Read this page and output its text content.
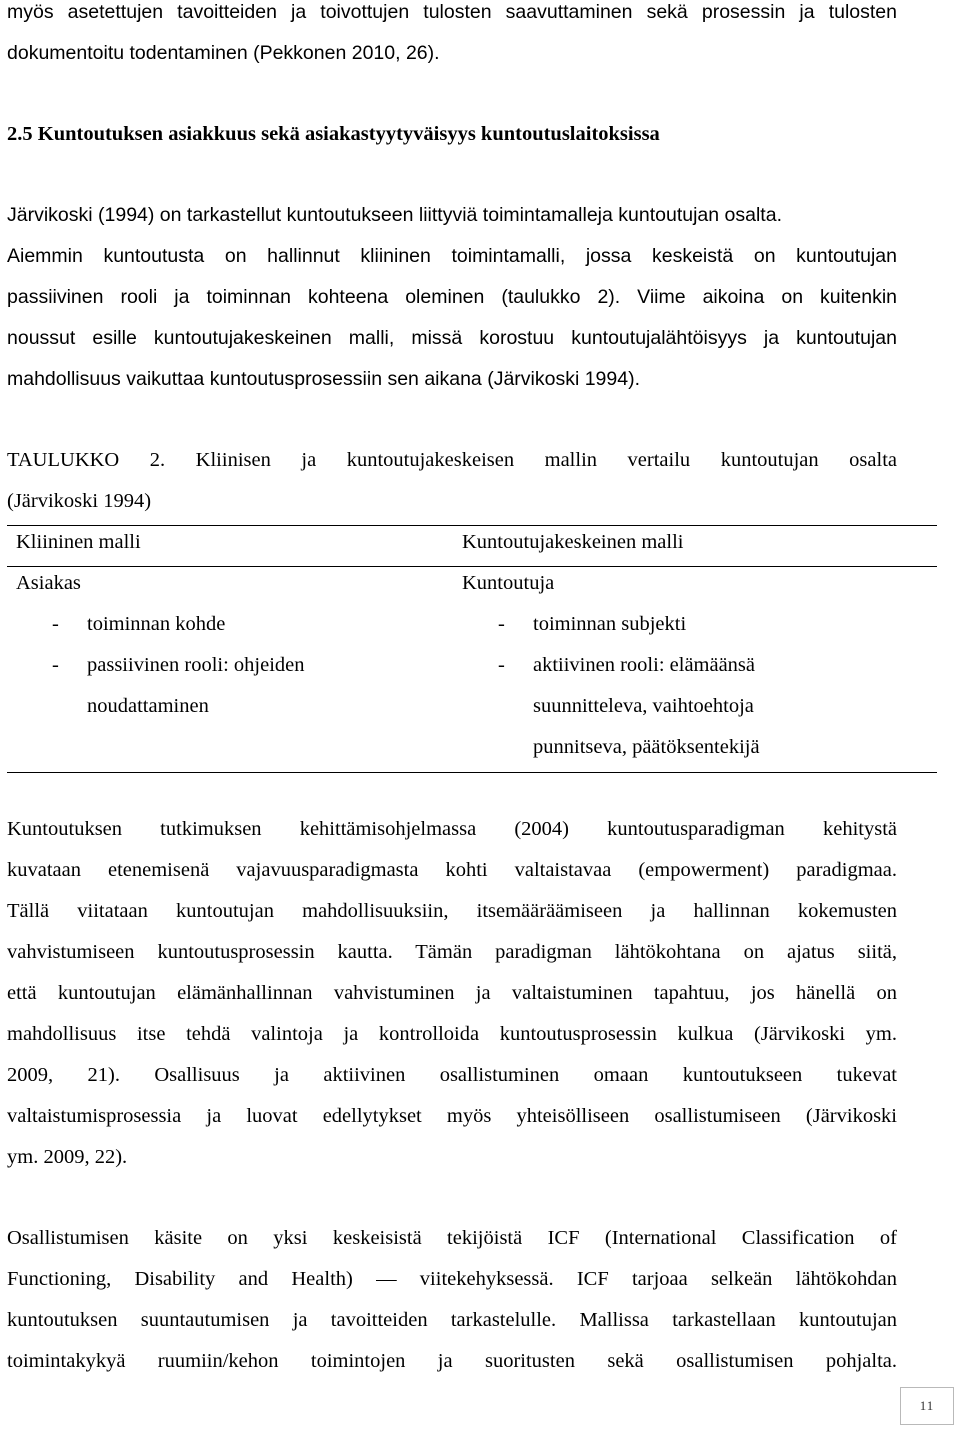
myös asetettujen tavoitteiden ja toivottujen tulosten saavuttaminen sekä prosessin ja tulosten
dokumentoitu todentaminen (Pekkonen 2010, 26).
2.5 Kuntoutuksen asiakkuus sekä asiakastyytyväisyys kuntoutuslaitoksissa
Järvikoski (1994) on tarkastellut kuntoutukseen liittyviä toimintamalleja kuntoutujan osalta.
Aiemmin kuntoutusta on hallinnut kliininen toimintamalli, jossa keskeistä on kuntoutujan
passiivinen rooli ja toiminnan kohteena oleminen (taulukko 2). Viime aikoina on kuitenkin
noussut esille kuntoutujakeskeinen malli, missä korostuu kuntoutujalähtöisyys ja kuntoutujan
mahdollisuus vaikuttaa kuntoutusprosessiin sen aikana (Järvikoski 1994).
TAULUKKO 2. Kliinisen ja kuntoutujakeskeisen mallin vertailu kuntoutujan osalta
(Järvikoski 1994)
Kliininen malli	Kuntoutujakeskeinen malli
Asiakas
- toiminnan kohde
- passiivinen rooli: ohjeiden
noudattaminen
Kuntoutuja
- toiminnan subjekti
- aktiivinen rooli: elämäänsä
suunnitteleva, vaihtoehtoja
punnitseva, päätöksentekijä
Kuntoutuksen tutkimuksen kehittämisohjelmassa (2004) kuntoutusparadigman kehitystä
kuvataan etenemisenä vajavuusparadigmasta kohti valtaistavaa (empowerment) paradigmaa.
Tällä viitataan kuntoutujan mahdollisuuksiin, itsemääräämiseen ja hallinnan kokemusten
vahvistumiseen kuntoutusprosessin kautta. Tämän paradigman lähtökohtana on ajatus siitä,
että kuntoutujan elämänhallinnan vahvistuminen ja valtaistuminen tapahtuu, jos hänellä on
mahdollisuus itse tehdä valintoja ja kontrolloida kuntoutusprosessin kulkua (Järvikoski ym.
2009, 21). Osallisuus ja aktiivinen osallistuminen omaan kuntoutukseen tukevat
valtaistumisprosessia ja luovat edellytykset myös yhteisölliseen osallistumiseen (Järvikoski
ym. 2009, 22).
Osallistumisen käsite on yksi keskeisistä tekijöistä ICF (International Classification of
Functioning, Disability and Health) — viitekehyksessä. ICF tarjoaa selkeän lähtökohdan
kuntoutuksen suuntautumisen ja tavoitteiden tarkastelulle. Mallissa tarkastellaan kuntoutujan
toimintakykyä ruumiin/kehon toimintojen ja suoritusten sekä osallistumisen pohjalta.
11
